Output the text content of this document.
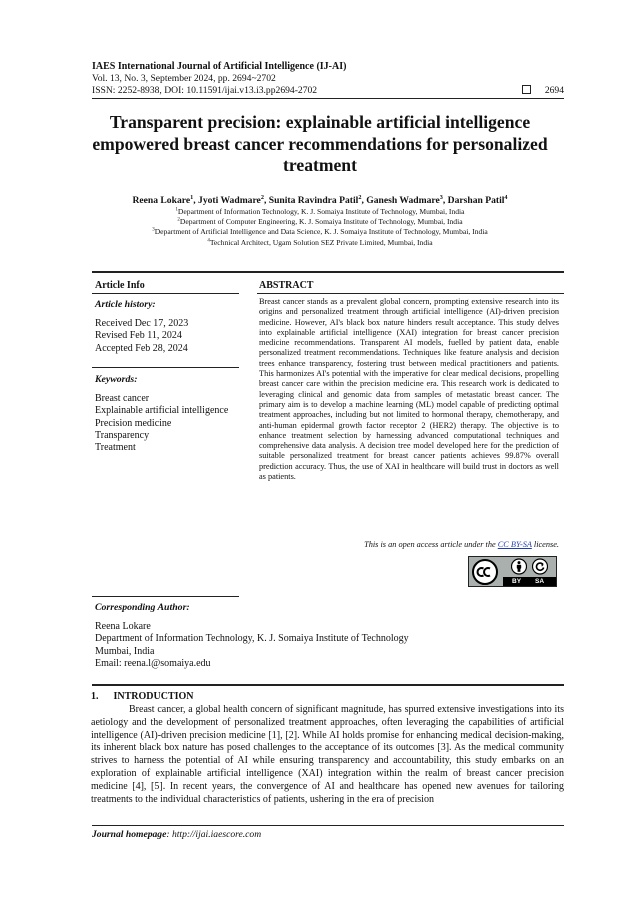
IAES International Journal of Artificial Intelligence (IJ-AI)
Vol. 13, No. 3, September 2024, pp. 2694~2702
ISSN: 2252-8938, DOI: 10.11591/ijai.v13.i3.pp2694-2702	2694
Transparent precision: explainable artificial intelligence
empowered breast cancer recommendations for personalized
treatment
Reena Lokare$^1$, Jyoti Wadmare$^2$, Sunita Ravindra Patil$^2$, Ganesh Wadmare$^3$, Darshan Patil$^4$
$^1$Department of Information Technology, K. J. Somaiya Institute of Technology, Mumbai, India
$^2$Department of Computer Engineering, K. J. Somaiya Institute of Technology, Mumbai, India
$^3$Department of Artificial Intelligence and Data Science, K. J. Somaiya Institute of Technology, Mumbai, India
$^4$Technical Architect, Ugam Solution SEZ Private Limited, Mumbai, India
Article Info	ABSTRACT
Article history:
Received Dec 17, 2023
Revised Feb 11, 2024
Accepted Feb 28, 2024
Keywords:
Breast cancer
Explainable artificial intelligence
Precision medicine
Transparency
Treatment
Breast cancer stands as a prevalent global concern, prompting extensive research into its origins and personalized treatment through artificial intelligence (AI)-driven precision medicine. However, AI's black box nature hinders result acceptance. This study delves into explainable artificial intelligence (XAI) integration for breast cancer precision medicine recommendations. Transparent AI models, fuelled by patient data, enable personalized treatment recommendations. Techniques like feature analysis and decision trees enhance transparency, fostering trust between medical practitioners and patients. This harmonizes AI's potential with the imperative for clear medical decisions, propelling breast cancer care within the precision medicine era. This research work is dedicated to leveraging clinical and genomic data from samples of metastatic breast cancer. The primary aim is to develop a machine learning (ML) model capable of predicting optimal treatment approaches, including but not limited to hormonal therapy, chemotherapy, and anti-human epidermal growth factor receptor 2 (HER2) therapy. The objective is to enhance treatment selection by harnessing advanced computational techniques and comprehensive data analysis. A decision tree model developed here for the prediction of suitable personalized treatment for breast cancer patients achieves 99.87% overall prediction accuracy. Thus, the use of XAI in healthcare will build trust in doctors as well as patients.
This is an open access article under the CC BY-SA license.
BY SA
Corresponding Author:
Reena Lokare
Department of Information Technology, K. J. Somaiya Institute of Technology
Mumbai, India
Email: reena.l@somaiya.edu
1.      INTRODUCTION
Breast cancer, a global health concern of significant magnitude, has spurred extensive investigations into its aetiology and the development of personalized treatment approaches, often leveraging the capabilities of artificial intelligence (AI)-driven precision medicine [1], [2]. While AI holds promise for enhancing medical decision-making, its inherent black box nature has posed challenges to the acceptance of its outcomes [3]. As the medical community strives to harness the potential of AI while ensuring transparency and accountability, this study embarks on an exploration of explainable artificial intelligence (XAI) integration within the realm of breast cancer precision medicine [4], [5]. In recent years, the convergence of AI and healthcare has opened new avenues for tailoring treatments to the individual characteristics of patients, ushering in the era of precision
Journal homepage: http://ijai.iaescore.com
